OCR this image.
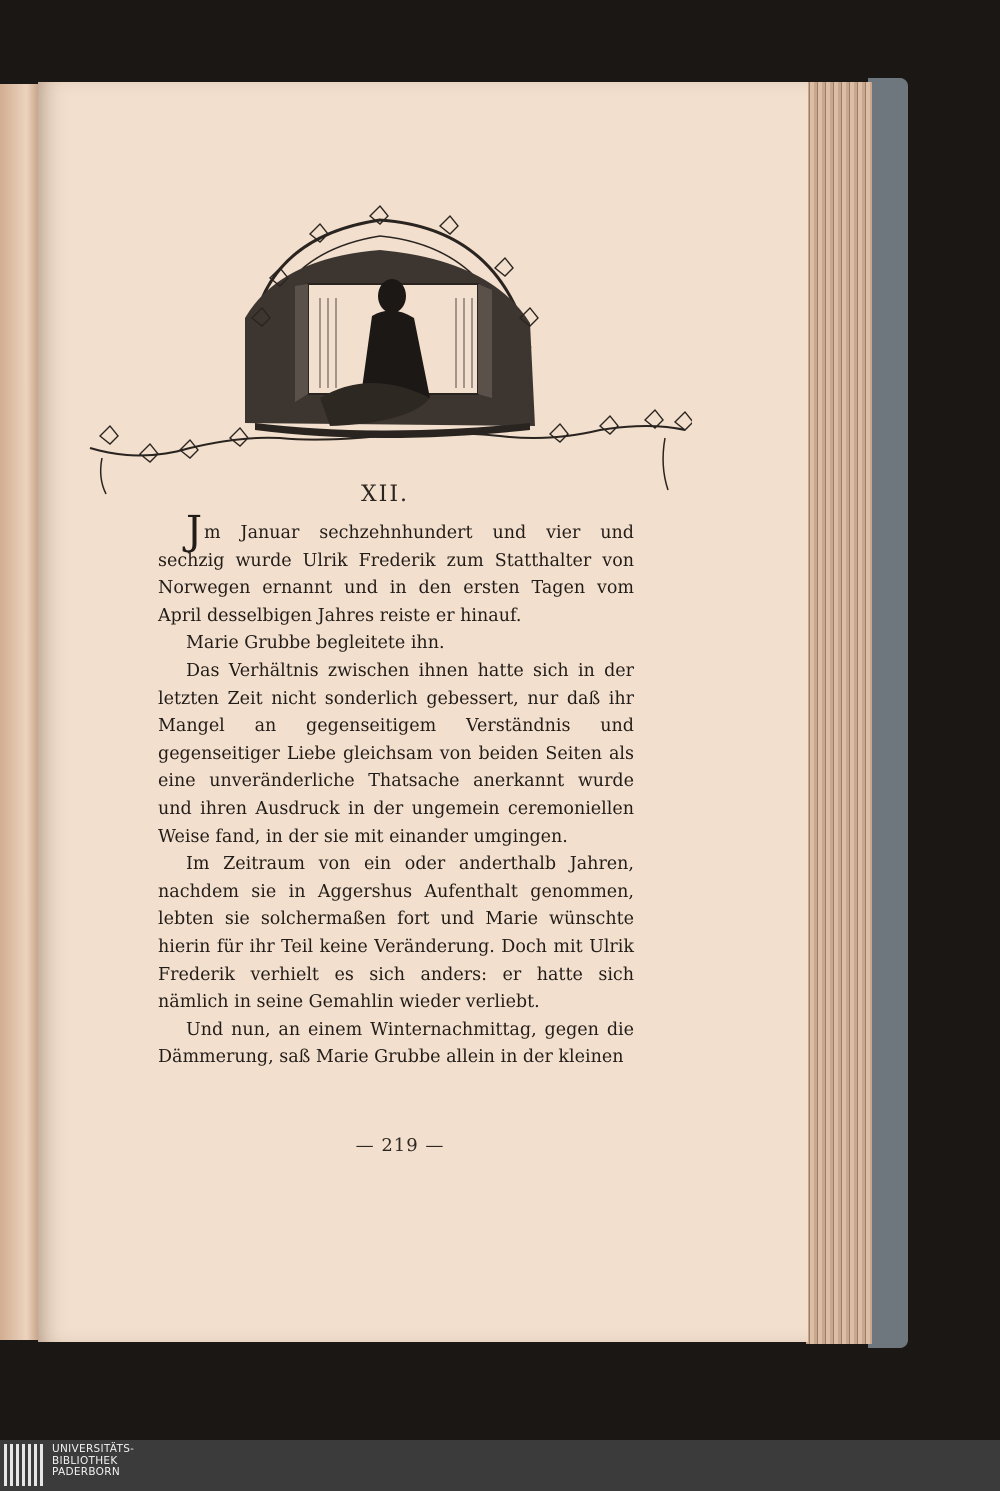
XII.

Jm Januar sechzehnhundert und vier und sechzig wurde Ulrik Frederik zum Statthalter von Norwegen ernannt und in den ersten Tagen vom April desselbigen Jahres reiste er hinauf.

Marie Grubbe begleitete ihn.

Das Verhältnis zwischen ihnen hatte sich in der letzten Zeit nicht sonderlich gebessert, nur daß ihr Mangel an gegenseitigem Verständnis und gegenseitiger Liebe gleichsam von beiden Seiten als eine unveränderliche Thatsache anerkannt wurde und ihren Ausdruck in der ungemein ceremoniellen Weise fand, in der sie mit einander umgingen.

Im Zeitraum von ein oder anderthalb Jahren, nachdem sie in Aggershus Aufenthalt genommen, lebten sie solchermaßen fort und Marie wünschte hierin für ihr Teil keine Veränderung. Doch mit Ulrik Frederik verhielt es sich anders: er hatte sich nämlich in seine Gemahlin wieder verliebt.

Und nun, an einem Winternachmittag, gegen die Dämmerung, saß Marie Grubbe allein in der kleinen

— 219 —
UNIVERSITÄTS-
BIBLIOTHEK
PADERBORN
